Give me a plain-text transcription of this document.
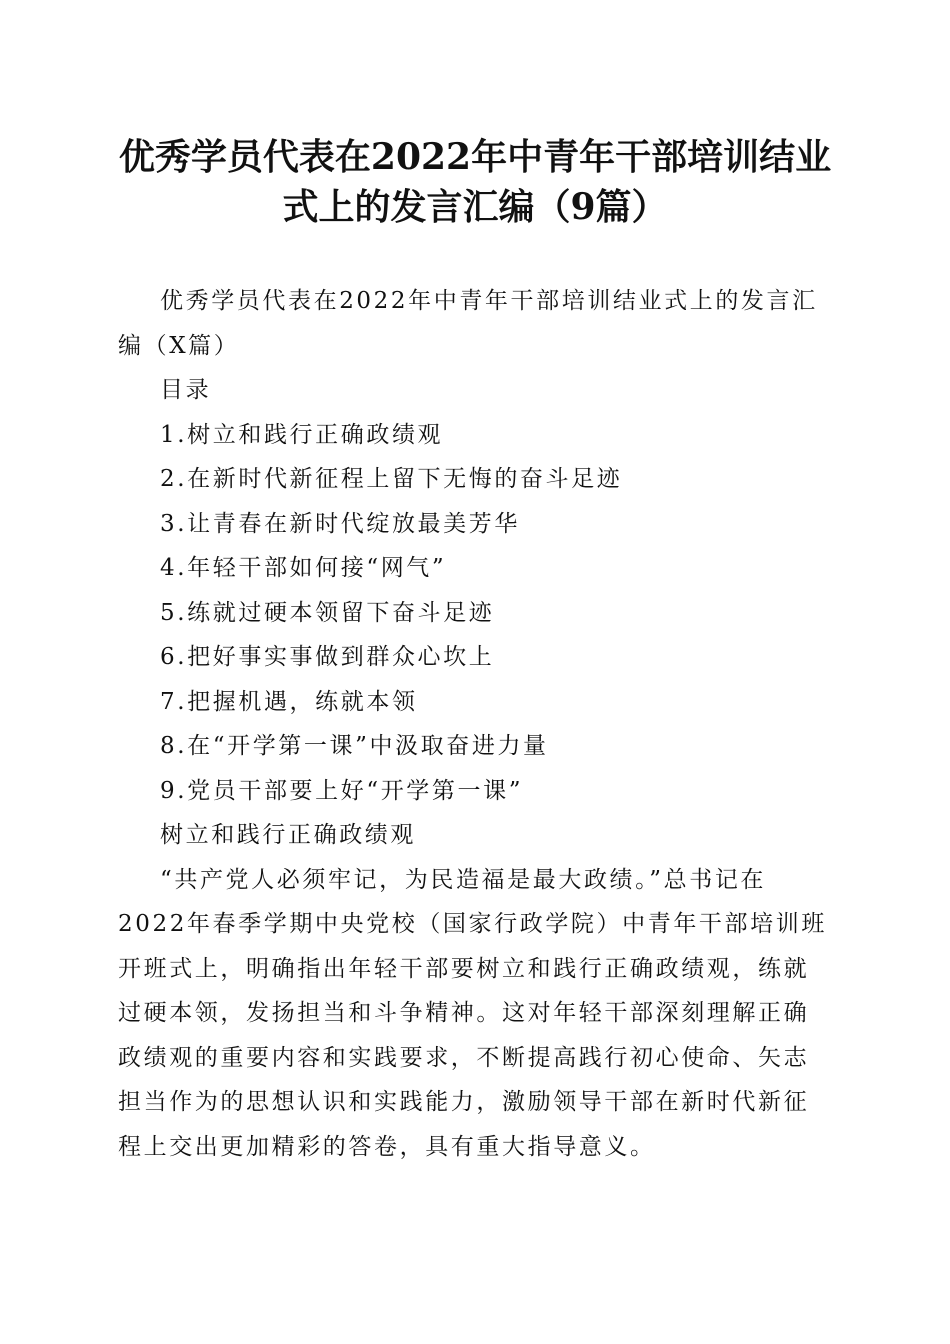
优秀学员代表在2022年中青年干部培训结业
式上的发言汇编（9篇）
优秀学员代表在2022年中青年干部培训结业式上的发言汇
编（X篇）
目录
1.树立和践行正确政绩观
2.在新时代新征程上留下无悔的奋斗足迹
3.让青春在新时代绽放最美芳华
4.年轻干部如何接“网气”
5.练就过硬本领留下奋斗足迹
6.把好事实事做到群众心坎上
7.把握机遇，练就本领
8.在“开学第一课”中汲取奋进力量
9.党员干部要上好“开学第一课”
树立和践行正确政绩观
“共产党人必须牢记，为民造福是最大政绩。”总书记在
2022年春季学期中央党校（国家行政学院）中青年干部培训班
开班式上，明确指出年轻干部要树立和践行正确政绩观，练就
过硬本领，发扬担当和斗争精神。这对年轻干部深刻理解正确
政绩观的重要内容和实践要求，不断提高践行初心使命、矢志
担当作为的思想认识和实践能力，激励领导干部在新时代新征
程上交出更加精彩的答卷，具有重大指导意义。
